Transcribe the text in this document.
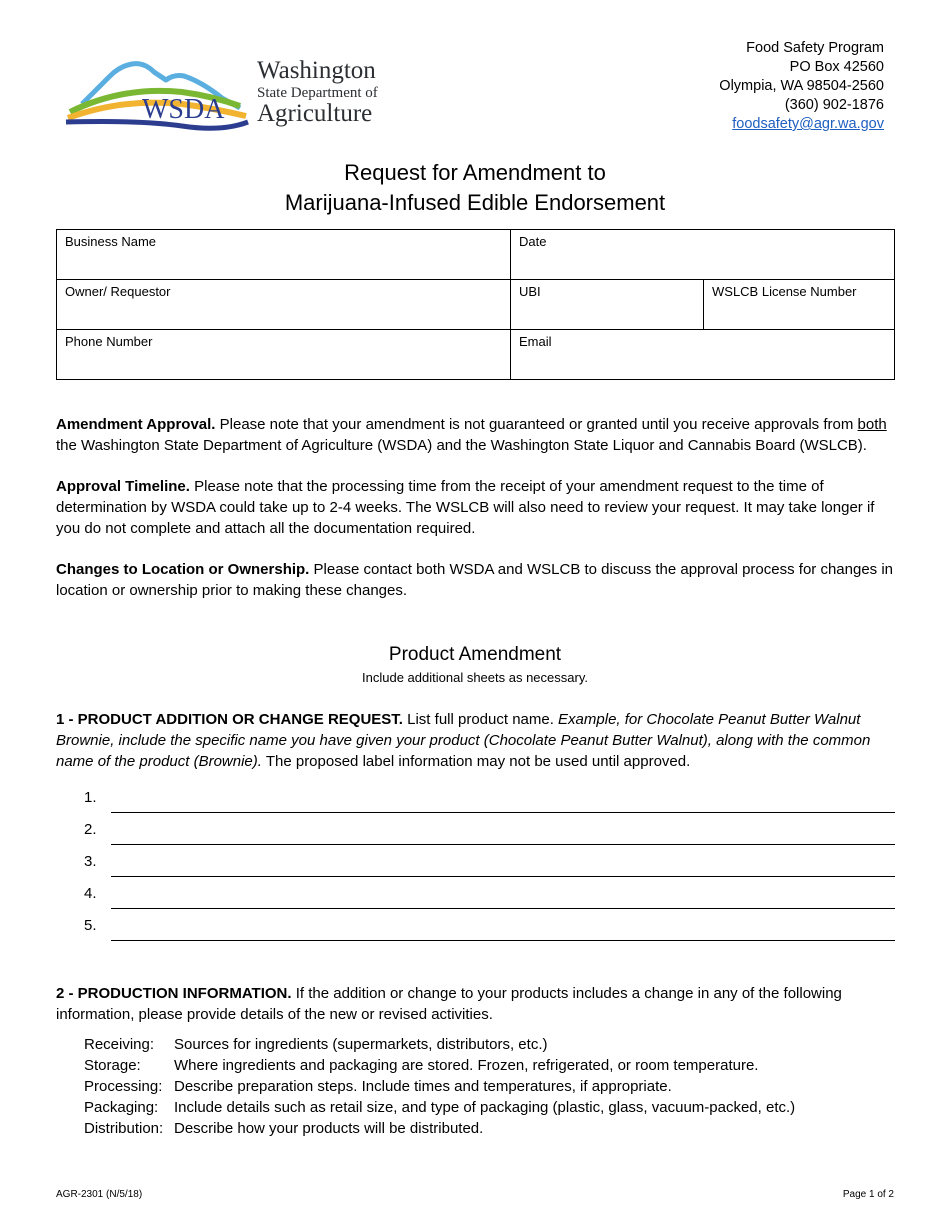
WSDA
Washington
State Department of
Agriculture
Food Safety Program
PO Box 42560
Olympia, WA 98504-2560
(360) 902-1876
foodsafety@agr.wa.gov
Request for Amendment to
Marijuana-Infused Edible Endorsement
Business Name	Date	
Owner/ Requestor	UBI	WSLCB License Number
Phone Number	Email	
Amendment Approval. Please note that your amendment is not guaranteed or granted until you receive approvals from both the Washington State Department of Agriculture (WSDA) and the Washington State Liquor and Cannabis Board (WSLCB).
Approval Timeline. Please note that the processing time from the receipt of your amendment request to the time of determination by WSDA could take up to 2-4 weeks. The WSLCB will also need to review your request. It may take longer if you do not complete and attach all the documentation required.
Changes to Location or Ownership. Please contact both WSDA and WSLCB to discuss the approval process for changes in location or ownership prior to making these changes.
Product Amendment
Include additional sheets as necessary.
1 - PRODUCT ADDITION OR CHANGE REQUEST. List full product name. Example, for Chocolate Peanut Butter Walnut Brownie, include the specific name you have given your product (Chocolate Peanut Butter Walnut), along with the common name of the product (Brownie). The proposed label information may not be used until approved.
1.
2.
3.
4.
5.
2 - PRODUCTION INFORMATION. If the addition or change to your products includes a change in any of the following information, please provide details of the new or revised activities.
Receiving:	Sources for ingredients (supermarkets, distributors, etc.)
Storage:	Where ingredients and packaging are stored. Frozen, refrigerated, or room temperature.
Processing: Describe preparation steps. Include times and temperatures, if appropriate.
Packaging:	Include details such as retail size, and type of packaging (plastic, glass, vacuum-packed, etc.)
Distribution: Describe how your products will be distributed.
AGR-2301 (N/5/18)	Page 1 of 2
